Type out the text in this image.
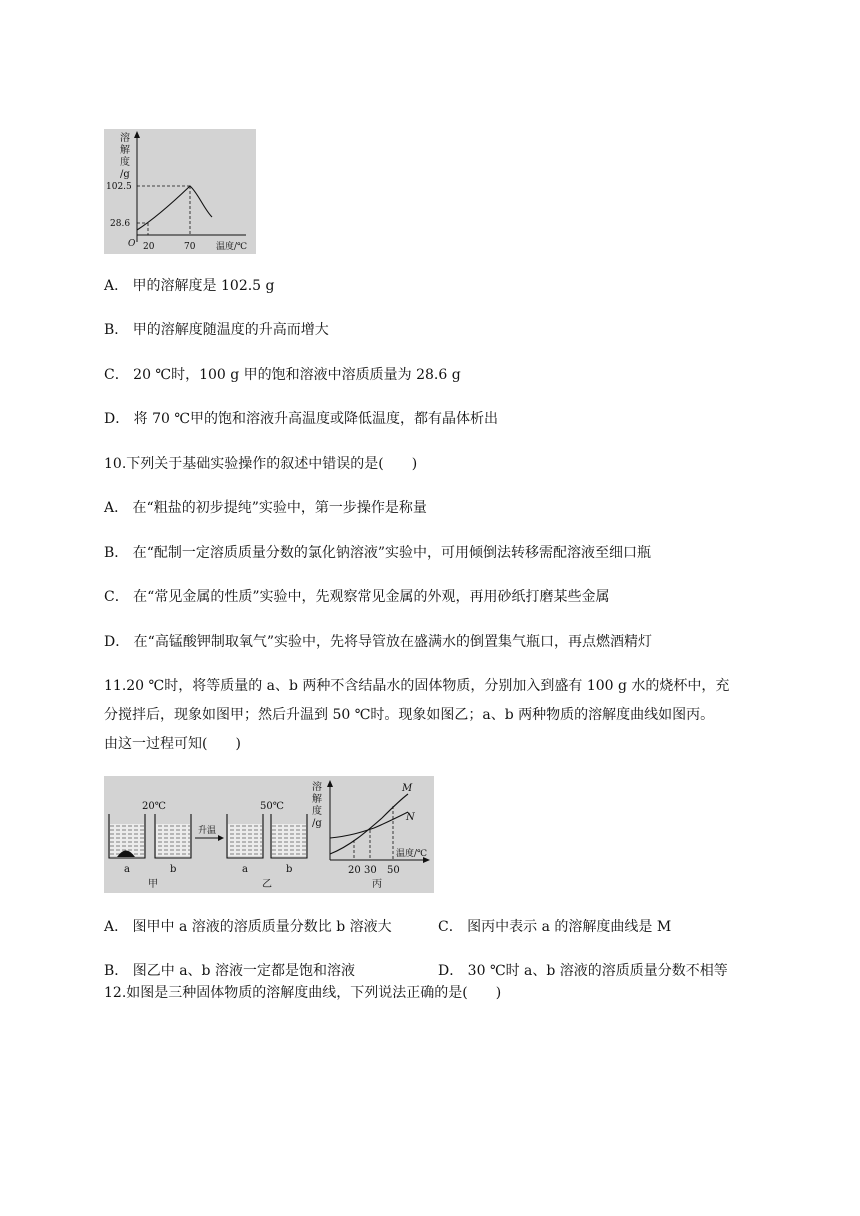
溶
解
度
/g
102.5
28.6
O 20	70 温度/℃
A． 甲的溶解度是 102.5 g
B． 甲的溶解度随温度的升高而增大
C． 20 ℃时，100 g 甲的饱和溶液中溶质质量为 28.6 g
D． 将 70 ℃甲的饱和溶液升高温度或降低温度，都有晶体析出
10.下列关于基础实验操作的叙述中错误的是(　　)
A． 在“粗盐的初步提纯”实验中，第一步操作是称量
B． 在“配制一定溶质质量分数的氯化钠溶液”实验中，可用倾倒法转移需配溶液至细口瓶
C． 在“常见金属的性质”实验中，先观察常见金属的外观，再用砂纸打磨某些金属
D． 在“高锰酸钾制取氧气”实验中，先将导管放在盛满水的倒置集气瓶口，再点燃酒精灯
11.20 ℃时，将等质量的 a、b 两种不含结晶水的固体物质，分别加入到盛有 100 g 水的烧杯中，充
分搅拌后，现象如图甲；然后升温到 50 ℃时。现象如图乙；a、b 两种物质的溶解度曲线如图丙。
由这一过程可知(　　)
20℃
升温
50℃
a	b	a	b
甲	乙	丙
溶
解
度
/g
M
N
温度/℃
20 30 50
A． 图甲中 a 溶液的溶质质量分数比 b 溶液大	C． 图丙中表示 a 的溶解度曲线是 M
B． 图乙中 a、b 溶液一定都是饱和溶液	D． 30 ℃时 a、b 溶液的溶质质量分数不相等
12.如图是三种固体物质的溶解度曲线，下列说法正确的是(　　)
